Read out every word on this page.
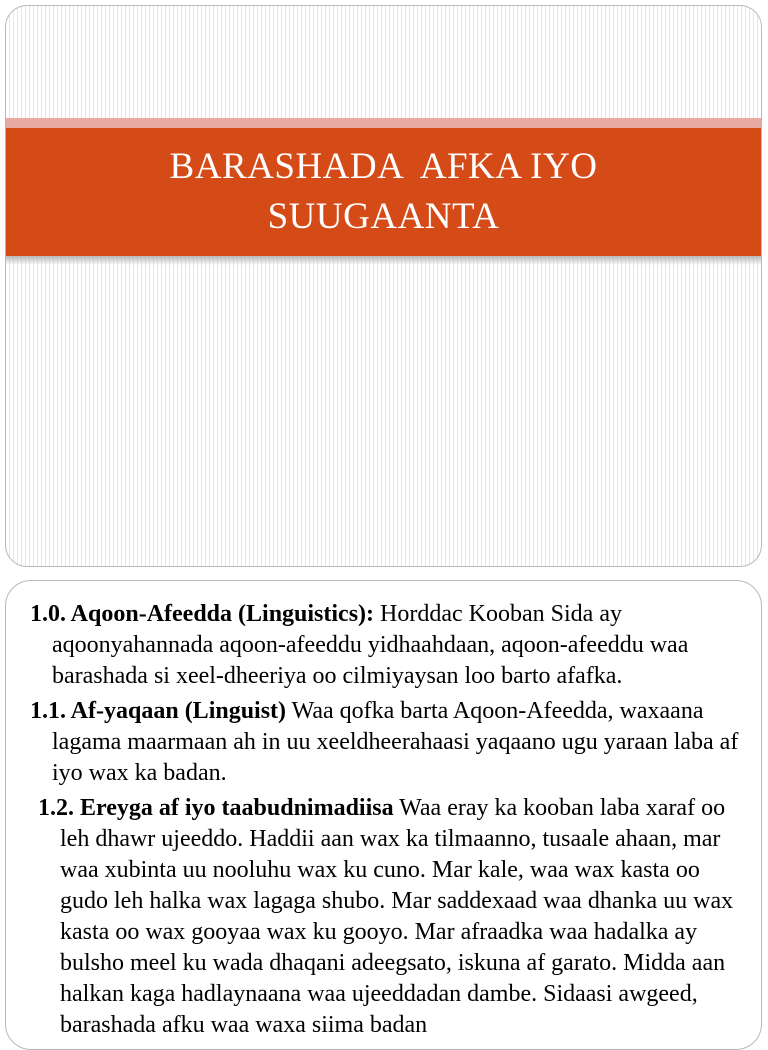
BARASHADA  AFKA IYO
SUUGAANTA

1.0. Aqoon-Afeedda (Linguistics): Horddac Kooban Sida ay aqoonyahannada aqoon-afeeddu yidhaahdaan, aqoon-afeeddu waa barashada si xeel-dheeriya oo cilmiyaysan loo barto afafka.

1.1. Af-yaqaan (Linguist) Waa qofka barta Aqoon-Afeedda, waxaana lagama maarmaan ah in uu xeeldheerahaasi yaqaano ugu yaraan laba af iyo wax ka badan.

1.2. Ereyga af iyo taabudnimadiisa Waa eray ka kooban laba xaraf oo leh dhawr ujeeddo. Haddii aan wax ka tilmaanno, tusaale ahaan, mar waa xubinta uu nooluhu wax ku cuno. Mar kale, waa wax kasta oo gudo leh halka wax lagaga shubo. Mar saddexaad waa dhanka uu wax kasta oo wax gooyaa wax ku gooyo. Mar afraadka waa hadalka ay bulsho meel ku wada dhaqani adeegsato, iskuna af garato. Midda aan halkan kaga hadlaynaana waa ujeeddadan dambe. Sidaasi awgeed, barashada afku waa waxa siima badan
